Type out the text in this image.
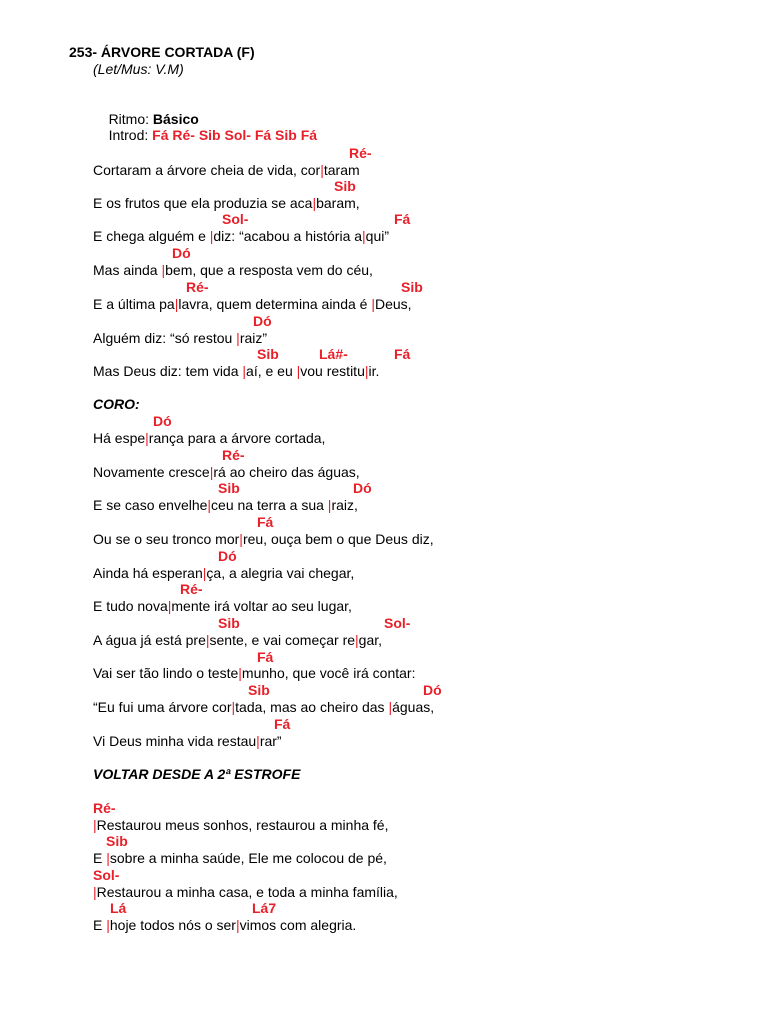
253- ÁRVORE CORTADA (F)
(Let/Mus: V.M)

Ritmo: Básico

Introd: Fá Ré- Sib Sol- Fá Sib Fá

Ré-
Cortaram a árvore cheia de vida, cor|taram
Sib
E os frutos que ela produzia se aca|baram,
Sol-	Fá
E chega alguém e |diz: “acabou a história a|qui”
Dó
Mas ainda |bem, que a resposta vem do céu,
Ré-	Sib
E a última pa|lavra, quem determina ainda é |Deus,
Dó
Alguém diz: “só restou |raiz”
Sib	Lá#-	Fá
Mas Deus diz: tem vida |aí, e eu |vou restitu|ir.
CORO:
Dó
Há espe|rança para a árvore cortada,
Ré-
Novamente cresce|rá ao cheiro das águas,
Sib	Dó
E se caso envelhe|ceu na terra a sua |raiz,
Fá
Ou se o seu tronco mor|reu, ouça bem o que Deus diz,
Dó
Ainda há esperan|ça, a alegria vai chegar,
Ré-
E tudo nova|mente irá voltar ao seu lugar,
Sib	Sol-
A água já está pre|sente, e vai começar re|gar,
Fá
Vai ser tão lindo o teste|munho, que você irá contar:
Sib	Dó
“Eu fui uma árvore cor|tada, mas ao cheiro das |águas,
Fá
Vi Deus minha vida restau|rar”
VOLTAR DESDE A 2ª ESTROFE
Ré-
|Restaurou meus sonhos, restaurou a minha fé,
Sib
E |sobre a minha saúde, Ele me colocou de pé,
Sol-
|Restaurou a minha casa, e toda a minha família,
Lá	Lá7
E |hoje todos nós o ser|vimos com alegria.
